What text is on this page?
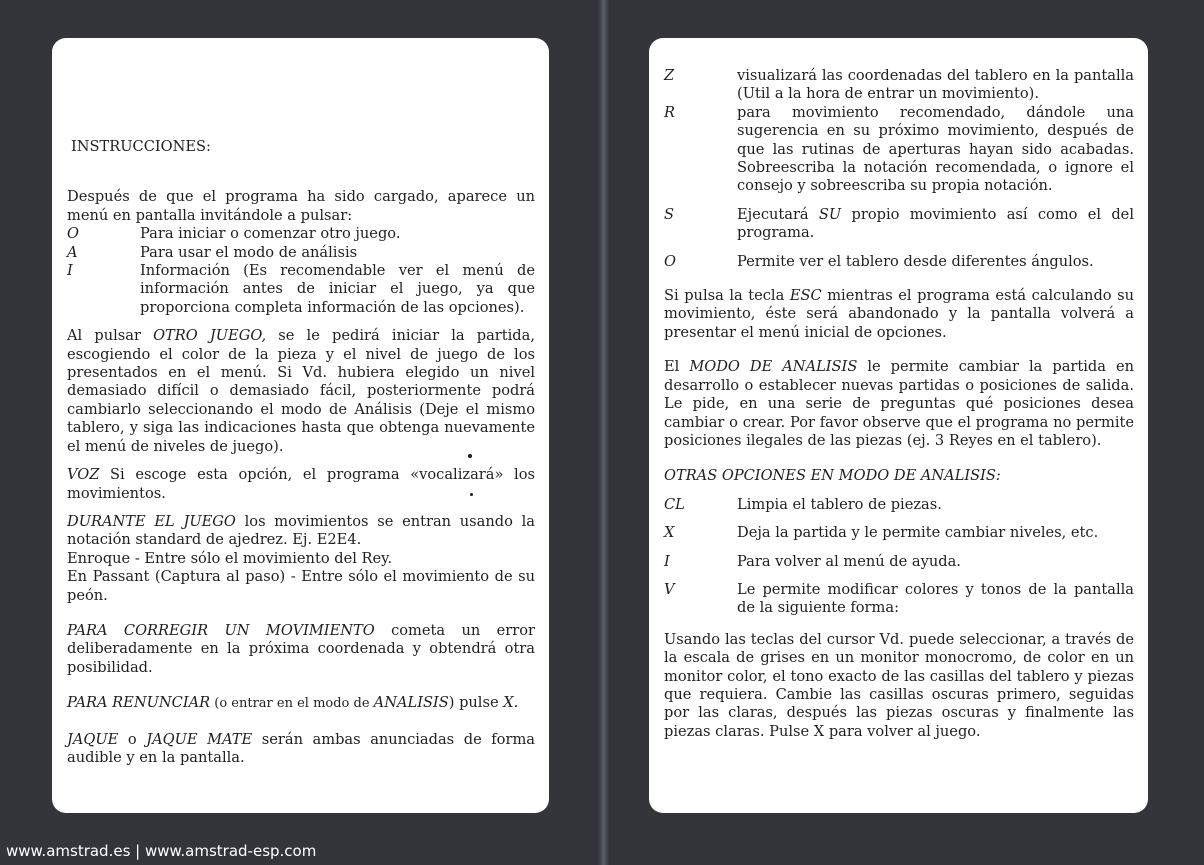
INSTRUCCIONES:

Después de que el programa ha sido cargado, aparece un menú en pantalla invitándole a pulsar:

O	Para iniciar o comenzar otro juego.
A	Para usar el modo de análisis
I	Información (Es recomendable ver el menú de información antes de iniciar el juego, ya que proporciona completa información de las opciones).

Al pulsar OTRO JUEGO, se le pedirá iniciar la partida, escogiendo el color de la pieza y el nivel de juego de los presentados en el menú. Si Vd. hubiera elegido un nivel demasiado difícil o demasiado fácil, posteriormente podrá cambiarlo seleccionando el modo de Análisis (Deje el mismo tablero, y siga las indicaciones hasta que obtenga nuevamente el menú de niveles de juego).

VOZ Si escoge esta opción, el programa «vocalizará» los movimientos.

DURANTE EL JUEGO los movimientos se entran usando la notación standard de ajedrez. Ej. E2E4.

Enroque - Entre sólo el movimiento del Rey.

En Passant (Captura al paso) - Entre sólo el movimiento de su peón.

PARA CORREGIR UN MOVIMIENTO cometa un error deliberadamente en la próxima coordenada y obtendrá otra posibilidad.

PARA RENUNCIAR (o entrar en el modo de ANALISIS) pulse X.

JAQUE o JAQUE MATE serán ambas anunciadas de forma audible y en la pantalla.

Z	visualizará las coordenadas del tablero en la pantalla (Util a la hora de entrar un movimiento).
R	para movimiento recomendado, dándole una sugerencia en su próximo movimiento, después de que las rutinas de aperturas hayan sido acabadas. Sobreescriba la notación recomendada, o ignore el consejo y sobreescriba su propia notación.
S	Ejecutará SU propio movimiento así como el del programa.
O	Permite ver el tablero desde diferentes ángulos.

Si pulsa la tecla ESC mientras el programa está calculando su movimiento, éste será abandonado y la pantalla volverá a presentar el menú inicial de opciones.

El MODO DE ANALISIS le permite cambiar la partida en desarrollo o establecer nuevas partidas o posiciones de salida. Le pide, en una serie de preguntas qué posiciones desea cambiar o crear. Por favor observe que el programa no permite posiciones ilegales de las piezas (ej. 3 Reyes en el tablero).

OTRAS OPCIONES EN MODO DE ANALISIS:

CL	Limpia el tablero de piezas.
X	Deja la partida y le permite cambiar niveles, etc.
I	Para volver al menú de ayuda.
V	Le permite modificar colores y tonos de la pantalla de la siguiente forma:

Usando las teclas del cursor Vd. puede seleccionar, a través de la escala de grises en un monitor monocromo, de color en un monitor color, el tono exacto de las casillas del tablero y piezas que requiera. Cambie las casillas oscuras primero, seguidas por las claras, después las piezas oscuras y finalmente las piezas claras. Pulse X para volver al juego.

www.amstrad.es | www.amstrad-esp.com
